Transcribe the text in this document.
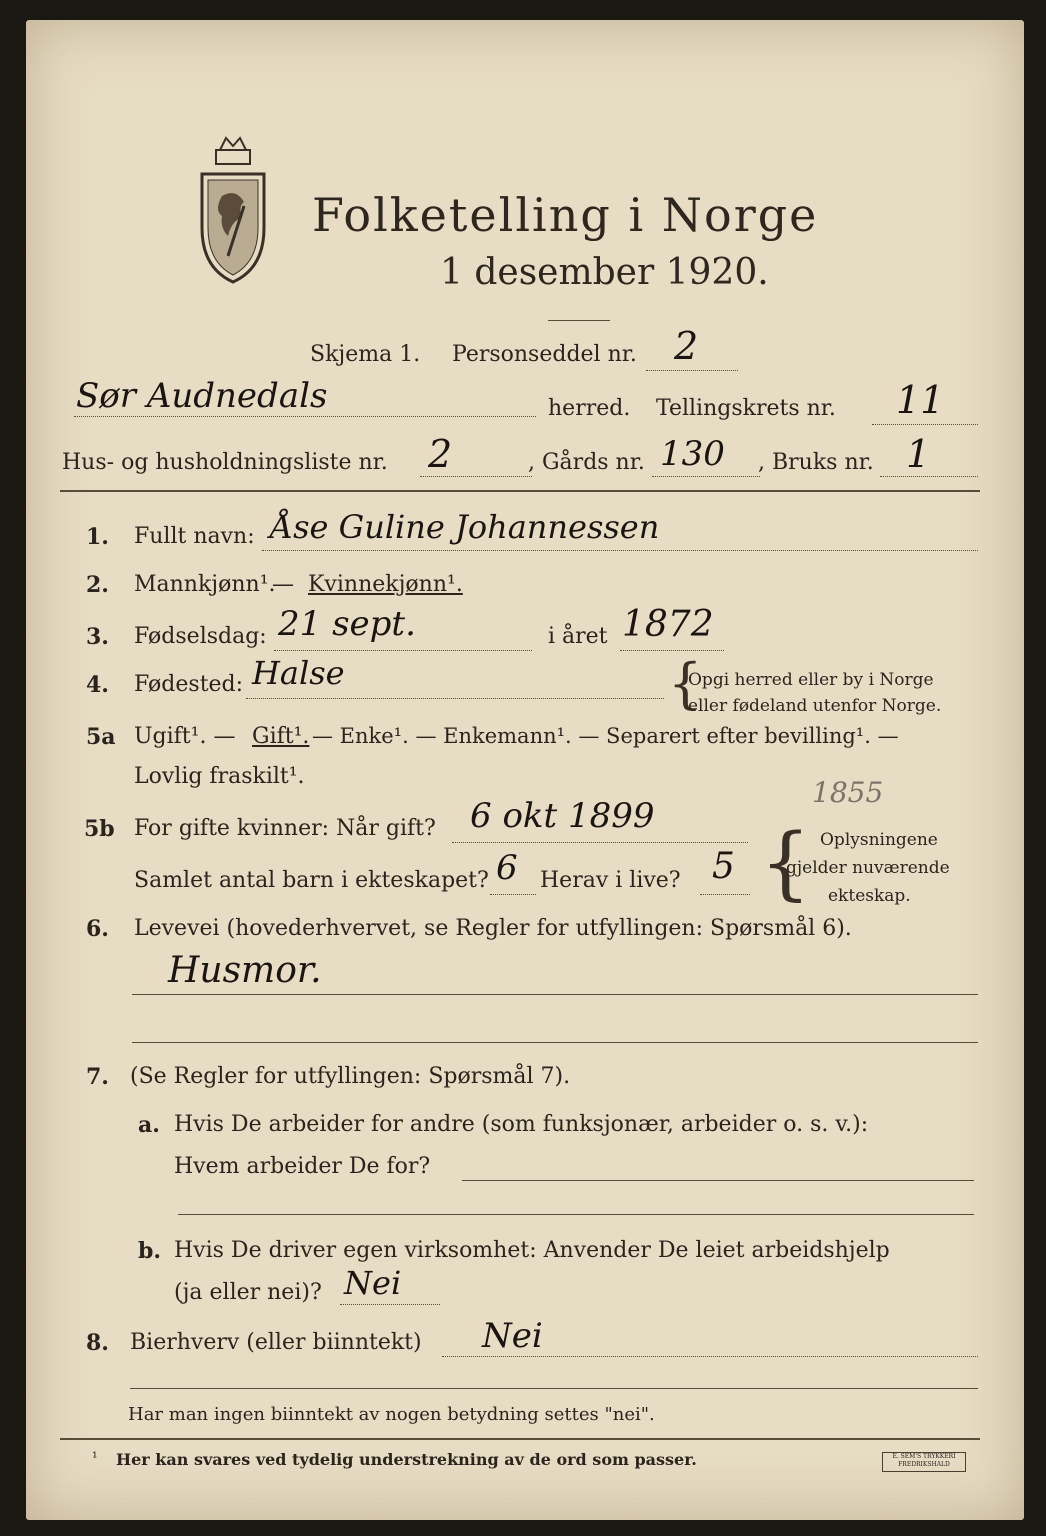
Folketelling i Norge
1 desember 1920.
Skjema 1. Personseddel nr. 2
Sør Audnedals	herred. Tellingskrets nr. 11
Hus- og husholdningsliste nr. 2	, Gårds nr. 130 , Bruks nr. 1
1. Fullt navn: Åse Guline Johannessen
2. Mannkjønn¹.
— Kvinnekjønn¹.
3. Fødselsdag: 21 sept.	i året 1872
4. Fødested: Halse	{
Opgi herred eller by i Norge
eller fødeland utenfor Norge.
5a Ugift¹. — Gift¹. — Enke¹. — Enkemann¹. — Separert efter bevilling¹. —
Lovlig fraskilt¹.
5b For gifte kvinner: Når gift? 6 okt 1899
1855
Samlet antal barn i ekteskapet? 6 Herav i live? 5 { Oplysningene
gjelder nuværende
ekteskap.
6. Levevei (hovederhvervet, se Regler for utfyllingen: Spørsmål 6).
Husmor.
7. (Se Regler for utfyllingen: Spørsmål 7).
a. Hvis De arbeider for andre (som funksjonær, arbeider o. s. v.):
Hvem arbeider De for?
b. Hvis De driver egen virksomhet: Anvender De leiet arbeidshjelp
(ja eller nei)? Nei
8. Bierhverv (eller biinntekt) Nei
Har man ingen biinntekt av nogen betydning settes "nei".
¹ Her kan svares ved tydelig understrekning av de ord som passer.	E. SEM'S TRYKKERI FREDRIKSHALD
